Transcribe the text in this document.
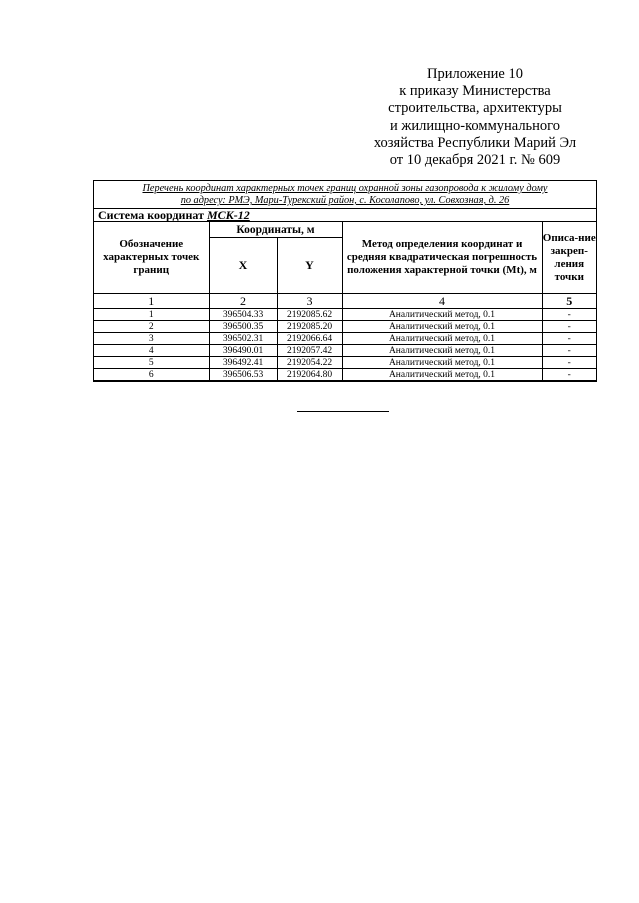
Приложение 10
к приказу Министерства
строительства, архитектуры
и жилищно-коммунального
хозяйства Республики Марий Эл
от 10 декабря 2021 г. № 609
Перечень координат характерных точек границ охранной зоны газопровода к жилому дому
по адресу: РМЭ, Мари-Турекский район, с. Косолапово, ул. Совхозная, д. 26
Система координат МСК-12				
Обозначение характерных точек границ	Координаты, м		Метод определения координат и средняя квадратическая погрешность положения характерной точки (Mt), м	Описа-ние закреп-ления точки
	X	Y		
1	2	3	4	5
1	396504.33	2192085.62	Аналитический метод, 0.1	-
2	396500.35	2192085.20	Аналитический метод, 0.1	-
3	396502.31	2192066.64	Аналитический метод, 0.1	-
4	396490.01	2192057.42	Аналитический метод, 0.1	-
5	396492.41	2192054.22	Аналитический метод, 0.1	-
6	396506.53	2192064.80	Аналитический метод, 0.1	-
